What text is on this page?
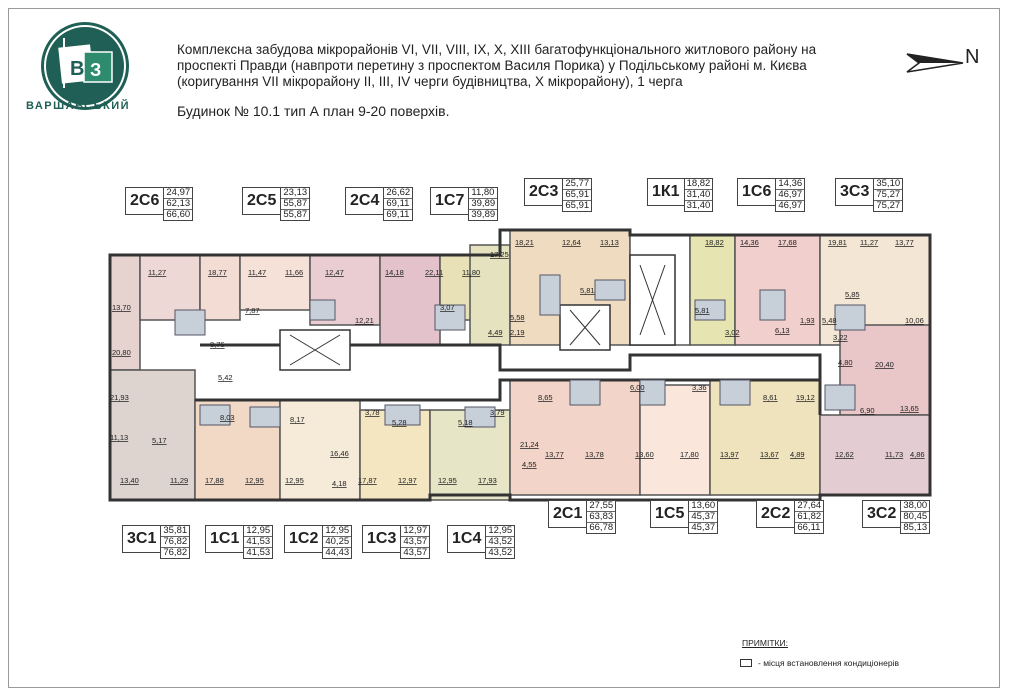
В З
ВАРШАВСЬКИЙ
Комплексна забудова мікрорайонів VI, VII, VIII, IX, X, XIII багатофункціонального житлового району на
проспекті Правди (навпроти перетину з проспектом Василя Порика) у Подільському районі м. Києва
(коригування VII мікрорайону II, III, IV черги будівництва, X мікрорайону), 1 черга
Будинок № 10.1 тип А план 9-20 поверхів.
N
11,27	18,77	11,47	11,66	12,47	14,18	22,11	11,80
17,25
13,70
20,80
7,87
8,76
12,21
5,42
3,07
4,49
18,21	12,64	13,13	18,82 14,36	17,68	19,81 11,27 13,77
5,81
5,58
2,19
5,81
3,02	6,13
1,93 5,48
3,22
5,85
10,06
21,93
11,13	5,17
8,03	8,17
3,78
5,28	5,18
3,79
8,65
6,00	3,36
8,61 19,12
4,80	20,40
6,90	13,65
21,24
13,40	11,29 17,88	12,95	12,95
16,46
17,87	12,97	12,95	17,93
13,77	13,78	13,60	17,80	13,97	13,67	12,62	11,73 4,86
4,55
4,18
4,89
2С6 24,97
62,13
66,60
2С5 23,13
55,87
55,87
2С4 26,62
69,11
69,11
1С7 11,80
39,89
39,89
2С3 25,77
65,91
65,91
1К1 18,82
31,40
31,40
1С6 14,36
46,97
46,97
3С3 35,10
75,27
75,27
3С1 35,81
76,82
76,82
1С1 12,95
41,53
41,53
1С2 12,95
40,25
44,43
1С3 12,97
43,57
43,57
1С4 12,95
43,52
43,52
2С1 27,55
63,83
66,78
1С5 13,60
45,37
45,37
2С2 27,64
61,82
66,11
3С2 38,00
80,45
85,13
ПРИМІТКИ:
- місця встановлення кондиціонерів
